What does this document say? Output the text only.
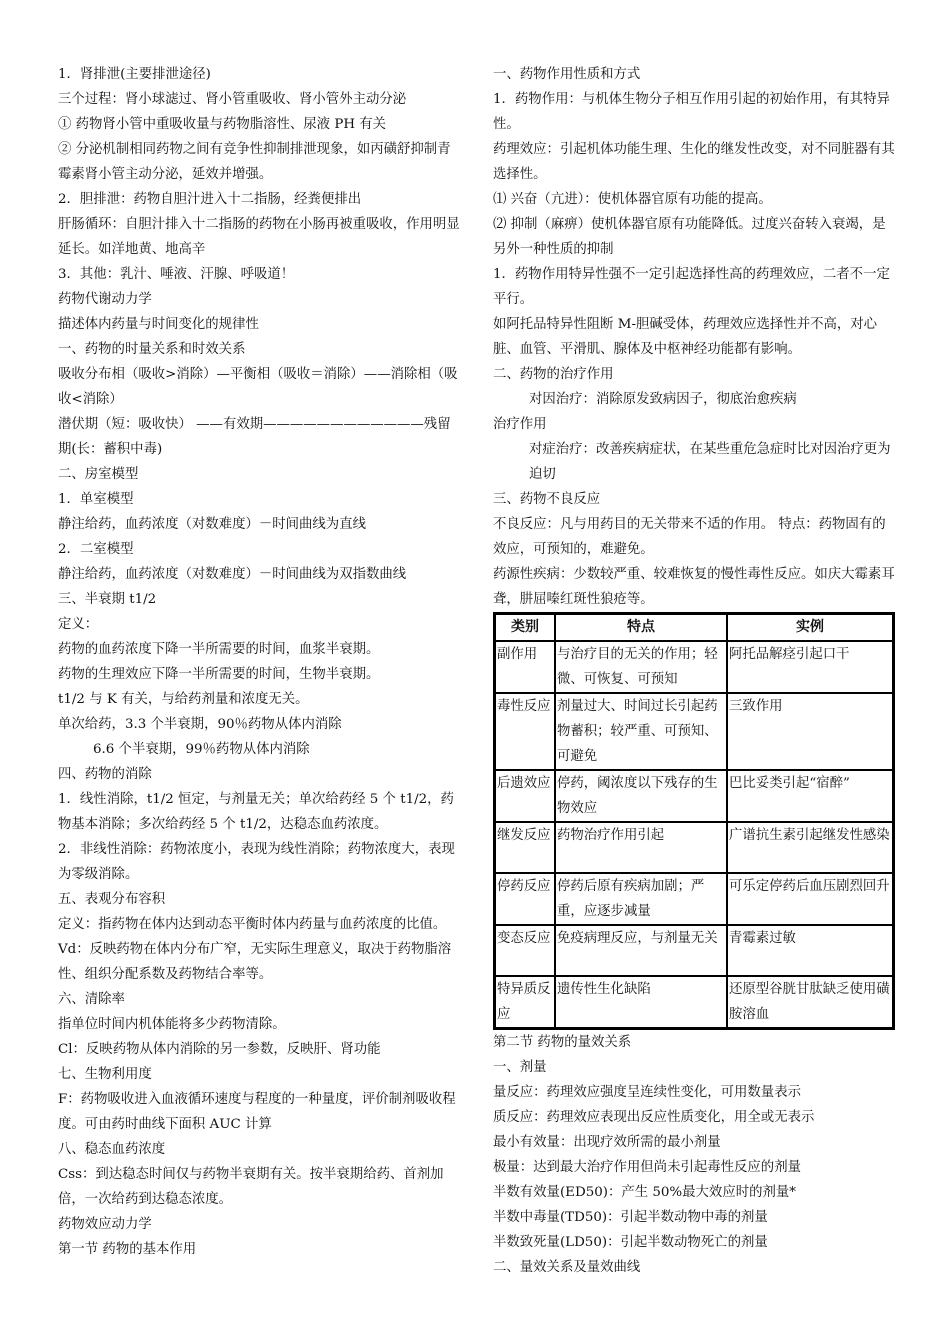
1．肾排泄(主要排泄途径)

三个过程：肾小球滤过、肾小管重吸收、肾小管外主动分泌

① 药物肾小管中重吸收量与药物脂溶性、尿液 PH 有关

② 分泌机制相同药物之间有竞争性抑制排泄现象，如丙磺舒抑制青霉素肾小管主动分泌，延效并增强。

2．胆排泄：药物自胆汁进入十二指肠，经粪便排出

肝肠循环：自胆汁排入十二指肠的药物在小肠再被重吸收，作用明显延长。如洋地黄、地高辛

3．其他：乳汁、唾液、汗腺、呼吸道！

药物代谢动力学

描述体内药量与时间变化的规律性

一、药物的时量关系和时效关系

吸收分布相（吸收>消除）—平衡相（吸收＝消除）——消除相（吸收<消除）

潜伏期（短：吸收快） ——有效期————————————残留期(长：蓄积中毒)

二、房室模型

1．单室模型

静注给药，血药浓度（对数难度）－时间曲线为直线

2．二室模型

静注给药，血药浓度（对数难度）－时间曲线为双指数曲线

三、半衰期 t1/2

定义：

药物的血药浓度下降一半所需要的时间，血浆半衰期。

药物的生理效应下降一半所需要的时间，生物半衰期。

t1/2 与 K 有关，与给药剂量和浓度无关。

单次给药，3.3 个半衰期，90％药物从体内消除

6.6 个半衰期，99％药物从体内消除

四、药物的消除

1．线性消除，t1/2 恒定，与剂量无关；单次给药经 5 个 t1/2，药物基本消除；多次给药经 5 个 t1/2，达稳态血药浓度。

2．非线性消除：药物浓度小，表现为线性消除；药物浓度大，表现为零级消除。

五、表观分布容积

定义：指药物在体内达到动态平衡时体内药量与血药浓度的比值。

Vd：反映药物在体内分布广窄，无实际生理意义，取决于药物脂溶性、组织分配系数及药物结合率等。

六、清除率

指单位时间内机体能将多少药物清除。

Cl：反映药物从体内消除的另一参数，反映肝、肾功能

七、生物利用度

F：药物吸收进入血液循环速度与程度的一种量度，评价制剂吸收程度。可由药时曲线下面积 AUC 计算

八、稳态血药浓度

Css：到达稳态时间仅与药物半衰期有关。按半衰期给药、首剂加倍，一次给药到达稳态浓度。

药物效应动力学

第一节 药物的基本作用

一、药物作用性质和方式

1．药物作用：与机体生物分子相互作用引起的初始作用，有其特异性。

药理效应：引起机体功能生理、生化的继发性改变，对不同脏器有其选择性。

⑴ 兴奋（亢进）：使机体器官原有功能的提高。

⑵ 抑制（麻痹）使机体器官原有功能降低。过度兴奋转入衰竭，是另外一种性质的抑制

1．药物作用特异性强不一定引起选择性高的药理效应，二者不一定平行。

如阿托品特异性阻断 M-胆碱受体，药理效应选择性并不高，对心脏、血管、平滑肌、腺体及中枢神经功能都有影响。

二、药物的治疗作用

对因治疗：消除原发致病因子，彻底治愈疾病

治疗作用

对症治疗：改善疾病症状，在某些重危急症时比对因治疗更为迫切

三、药物不良反应

不良反应：凡与用药目的无关带来不适的作用。 特点：药物固有的效应，可预知的，难避免。

药源性疾病：少数较严重、较难恢复的慢性毒性反应。如庆大霉素耳聋，肼屈嗪红斑性狼疮等。

类别	特点	实例
副作用	与治疗目的无关的作用；轻微、可恢复、可预知	阿托品解痉引起口干
毒性反应	剂量过大、时间过长引起药物蓄积；较严重、可预知、可避免	三致作用
后遗效应	停药，阈浓度以下残存的生物效应	巴比妥类引起“宿醉”
继发反应	药物治疗作用引起	广谱抗生素引起继发性感染
停药反应	停药后原有疾病加剧；严重，应逐步减量	可乐定停药后血压剧烈回升
变态反应	免疫病理反应，与剂量无关	青霉素过敏
特异质反应	遗传性生化缺陷	还原型谷胱甘肽缺乏使用磺胺溶血

第二节 药物的量效关系

一、剂量

量反应：药理效应强度呈连续性变化，可用数量表示

质反应：药理效应表现出反应性质变化，用全或无表示

最小有效量：出现疗效所需的最小剂量

极量：达到最大治疗作用但尚未引起毒性反应的剂量

半数有效量(ED50)：产生 50%最大效应时的剂量*

半数中毒量(TD50)：引起半数动物中毒的剂量

半数致死量(LD50)：引起半数动物死亡的剂量

二、量效关系及量效曲线
